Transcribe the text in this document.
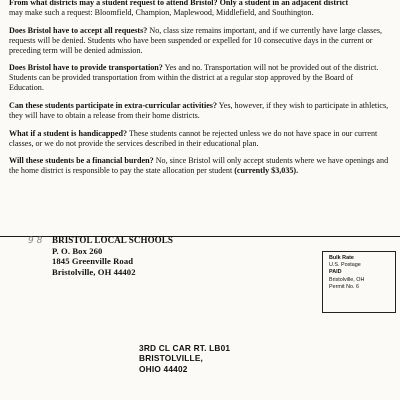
From what districts may a student request to attend Bristol? Only a student in an adjacent district
may make such a request: Bloomfield, Champion, Maplewood, Middlefield, and Southington.

Does Bristol have to accept all requests? No, class size remains important, and if we currently have large classes, requests will be denied. Students who have been suspended or expelled for 10 consecutive days in the current or preceding term will be denied admission.

Does Bristol have to provide transportation? Yes and no. Transportation will not be provided out of the district. Students can be provided transportation from within the district at a regular stop approved by the Board of Education.

Can these students participate in extra-curricular activities? Yes, however, if they wish to participate in athletics, they will have to obtain a release from their home districts.

What if a student is handicapped? These students cannot be rejected unless we do not have space in our current classes, or we do not provide the services described in their educational plan.

Will these students be a financial burden? No, since Bristol will only accept students where we have openings and the home district is responsible to pay the state allocation per student (currently $3,035).

9 8 BRISTOL LOCAL SCHOOLS
P. O. Box 260
1845 Greenville Road
Bristolville, OH 44402
Bulk Rate
U.S. Postage
PAID
Bristolville, OH
Permit No. 6
3RD CL CAR RT. LB01
BRISTOLVILLE,
OHIO 44402
